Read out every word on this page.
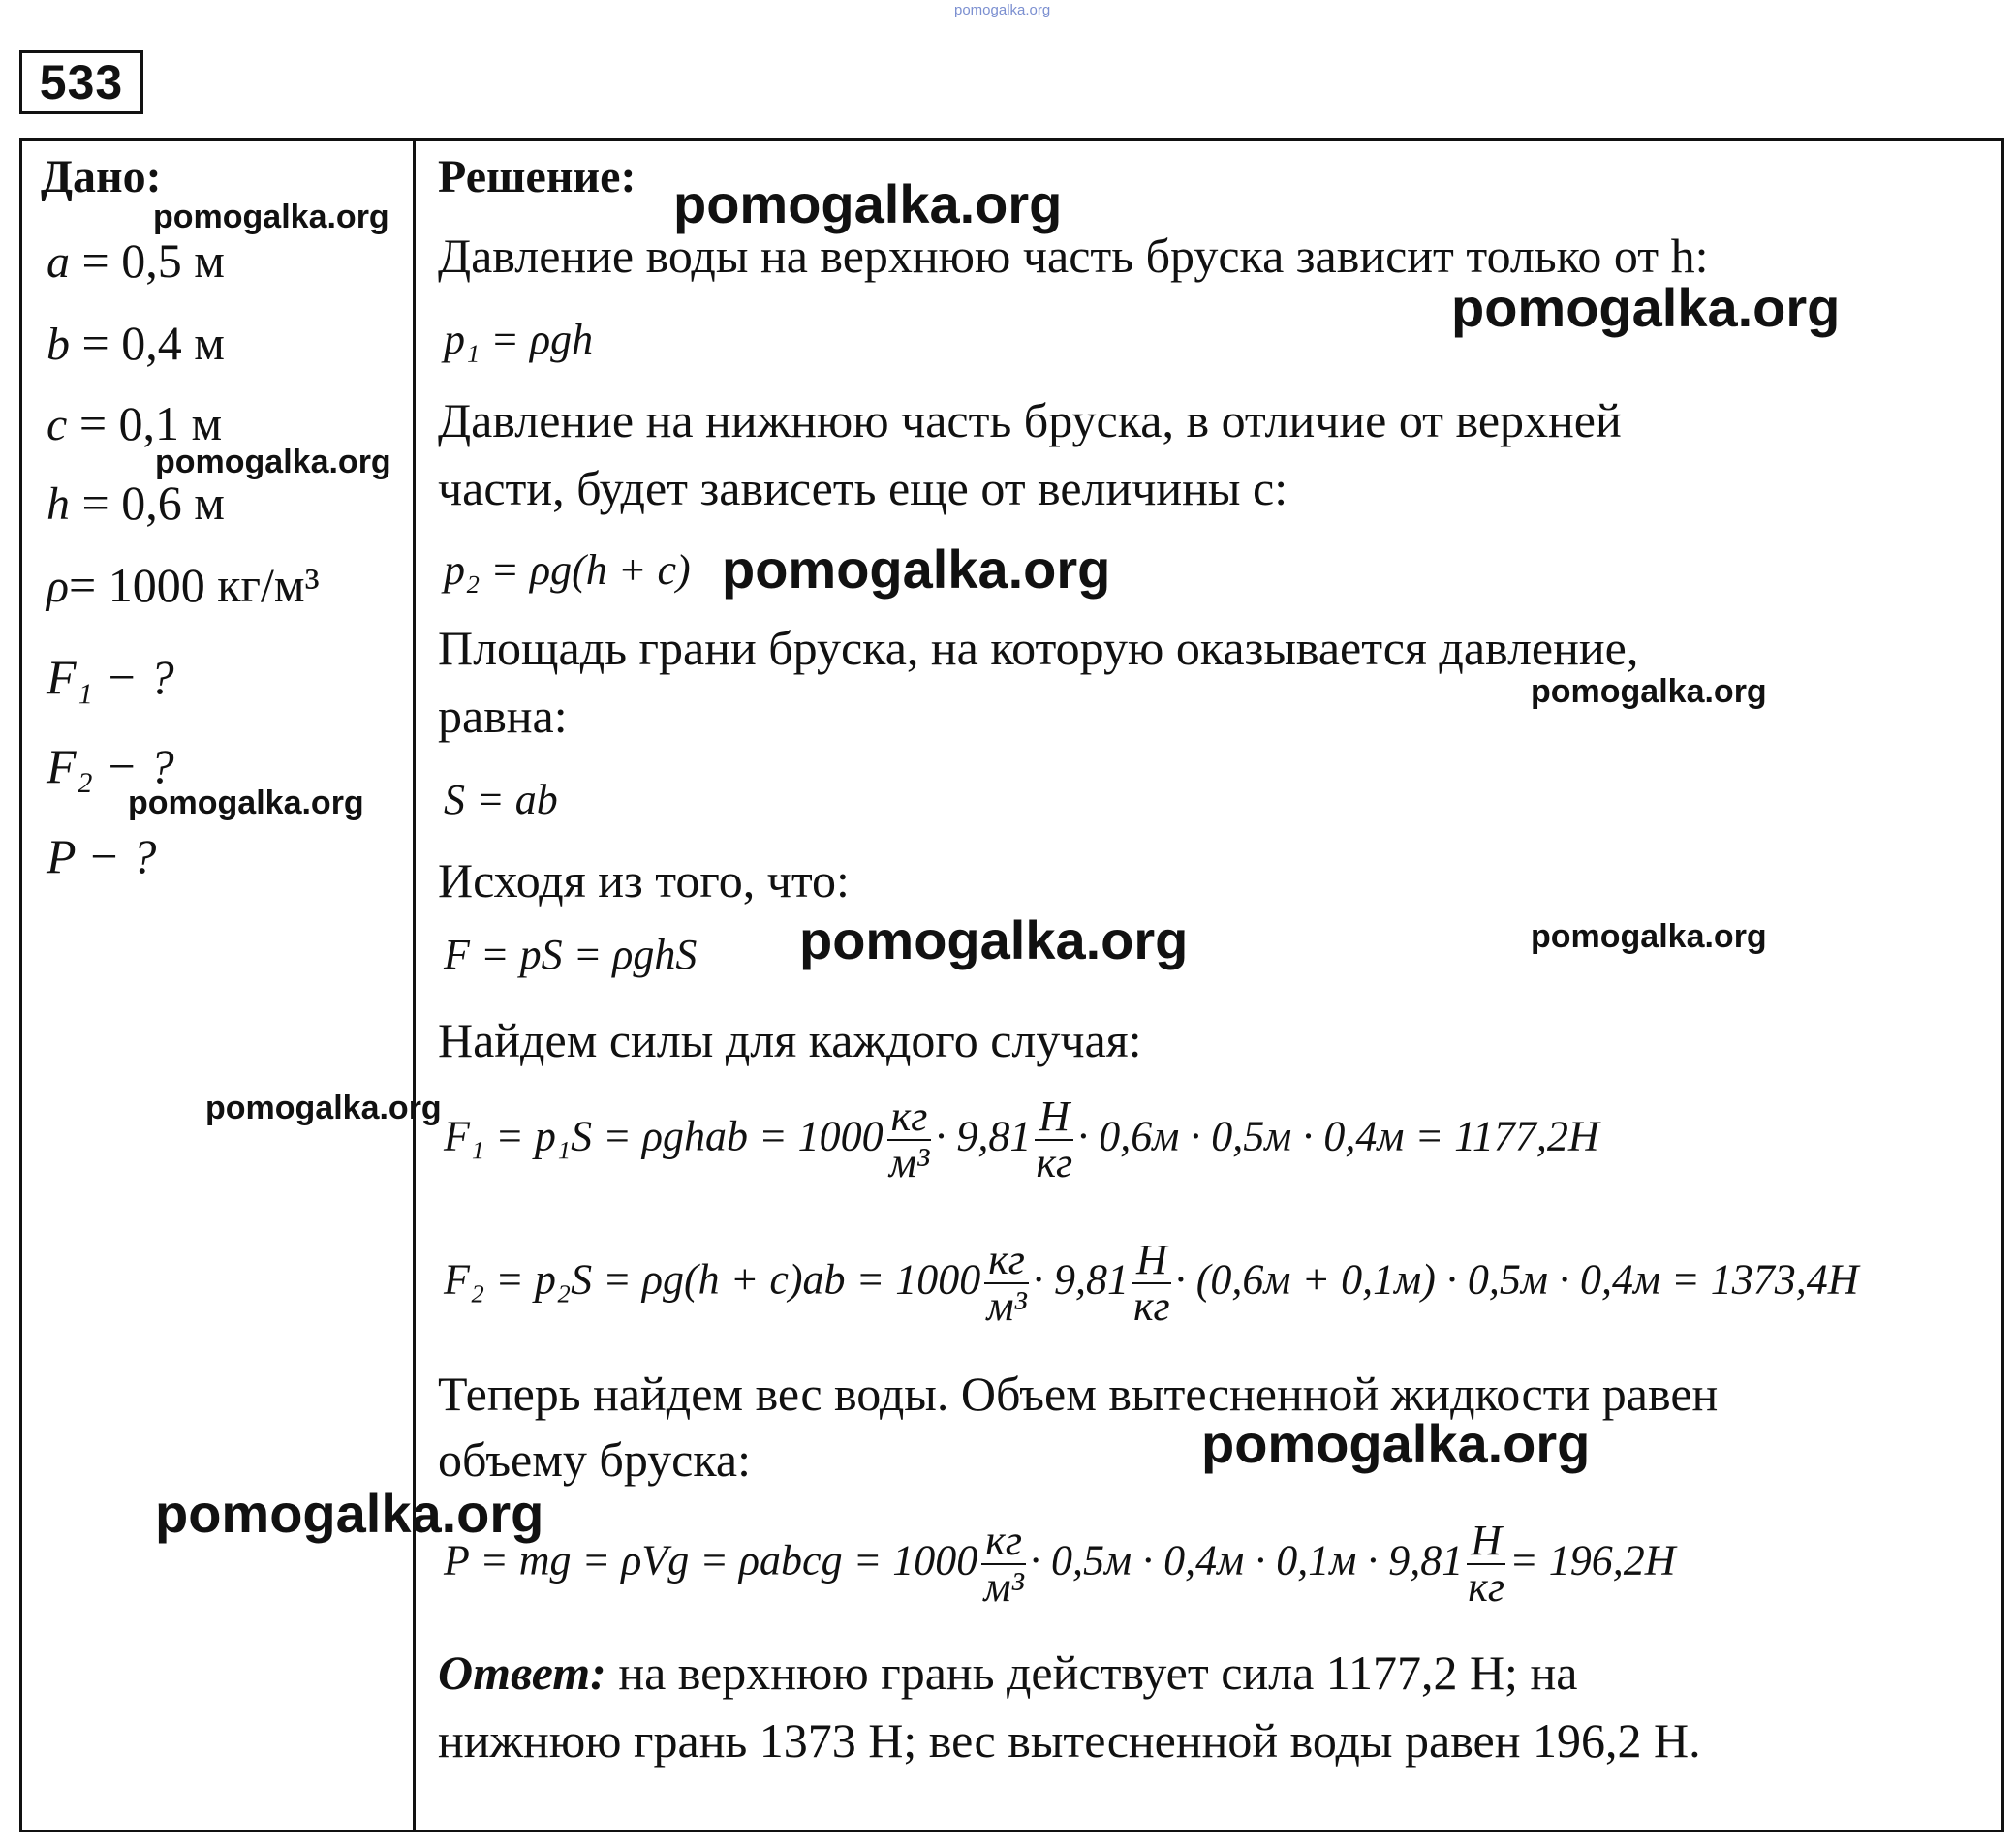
pomogalka.org
533
Дано:
a = 0,5 м
b = 0,4 м
c = 0,1 м
h = 0,6 м
ρ= 1000 кг/м³
F₁ − ?
F₂ − ?
P − ?
Решение:
Давление воды на верхнюю часть бруска зависит только от h:
p₁ = ρgh
Давление на нижнюю часть бруска, в отличие от верхней
части, будет зависеть еще от величины с:
p₂ = ρg(h + c)
Площадь грани бруска, на которую оказывается давление,
равна:
S = ab
Исходя из того, что:
F = pS = ρghS
Найдем силы для каждого случая:
F₁ = p₁S = ρghab = $1000 \frac{кг}{\text{м³}} \cdot 9,81 \frac{Н}{кг} \cdot 0,6м \cdot 0,5м \cdot 0,4м = 1177,2Н$
$F_2 = p_2S = \rho g(h + c)ab = 1000 \frac{кг}{\text{м³}} \cdot 9,81 \frac{Н}{кг} \cdot (0,6м + 0,1м) \cdot 0,5м \cdot 0,4м = 1373,4Н$
Теперь найдем вес воды. Объем вытесненной жидкости равен
объему бруска:
P = mg = ρVg = ρabcg = $1000 \frac{кг}{\text{м³}} \cdot 0,5м \cdot 0,4м \cdot 0,1м \cdot 9,81 \frac{Н}{кг} = 196,2Н$
Ответ: на верхнюю грань действует сила 1177,2 Н; на
нижнюю грань 1373 Н; вес вытесненной воды равен 196,2 Н.
pomogalka.org
pomogalka.org
pomogalka.org
pomogalka.org
pomogalka.org
pomogalka.org
pomogalka.org
pomogalka.org	pomogalka.org
pomogalka.org
pomogalka.org
pomogalka.org
